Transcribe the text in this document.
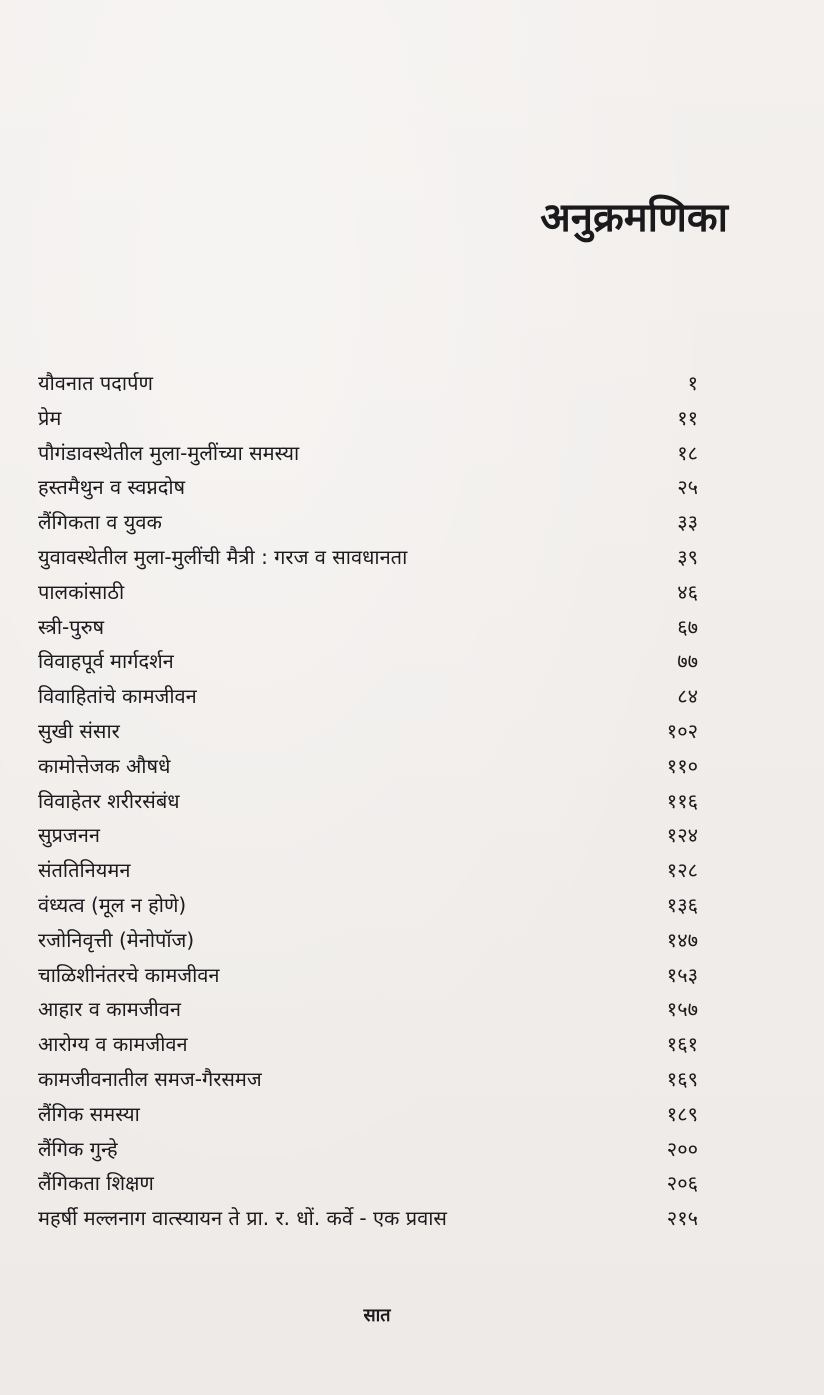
अनुक्रमणिका
यौवनात पदार्पण	१
प्रेम	११
पौगंडावस्थेतील मुला-मुलींच्या समस्या	१८
हस्तमैथुन व स्वप्नदोष	२५
लैंगिकता व युवक	३३
युवावस्थेतील मुला-मुलींची मैत्री : गरज व सावधानता	३९
पालकांसाठी	४६
स्त्री-पुरुष	६७
विवाहपूर्व मार्गदर्शन	७७
विवाहितांचे कामजीवन	८४
सुखी संसार	१०२
कामोत्तेजक औषधे	११०
विवाहेतर शरीरसंबंध	११६
सुप्रजनन	१२४
संततिनियमन	१२८
वंध्यत्व (मूल न होणे)	१३६
रजोनिवृत्ती (मेनोपॉज)	१४७
चाळिशीनंतरचे कामजीवन	१५३
आहार व कामजीवन	१५७
आरोग्य व कामजीवन	१६१
कामजीवनातील समज-गैरसमज	१६९
लैंगिक समस्या	१८९
लैंगिक गुन्हे	२००
लैंगिकता शिक्षण	२०६
महर्षी मल्लनाग वात्स्यायन ते प्रा. र. धों. कर्वे - एक प्रवास	२१५
सात
